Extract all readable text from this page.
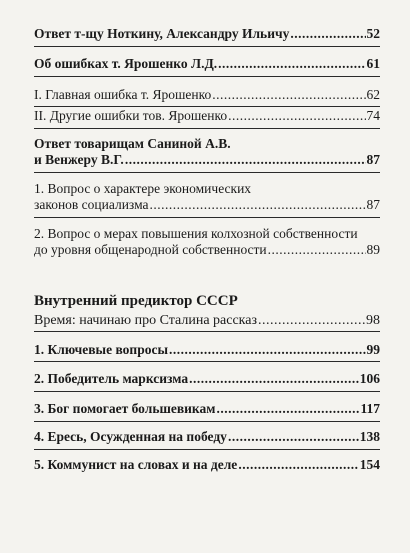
Ответ т-щу Ноткину, Александру Ильичу .....	52
Об ошибках т. Ярошенко Л.Д. .....	61
I. Главная ошибка т. Ярошенко .....	62
II. Другие ошибки тов. Ярошенко .....	74
Ответ товарищам Саниной А.В.
и Венжеру В.Г. .....	87
1. Вопрос о характере экономических
законов социализма .....	87
2. Вопрос о мерах повышения колхозной собственности
до уровня общенародной собственности .....	89
Внутренний предиктор СССР
Время: начинаю про Сталина рассказ .....	98
1. Ключевые вопросы .....	99
2. Победитель марксизма .....	106
3. Бог помогает большевикам .....	117
4. Ересь, Осужденная на победу .....	138
5. Коммунист на словах и на деле .....	154
